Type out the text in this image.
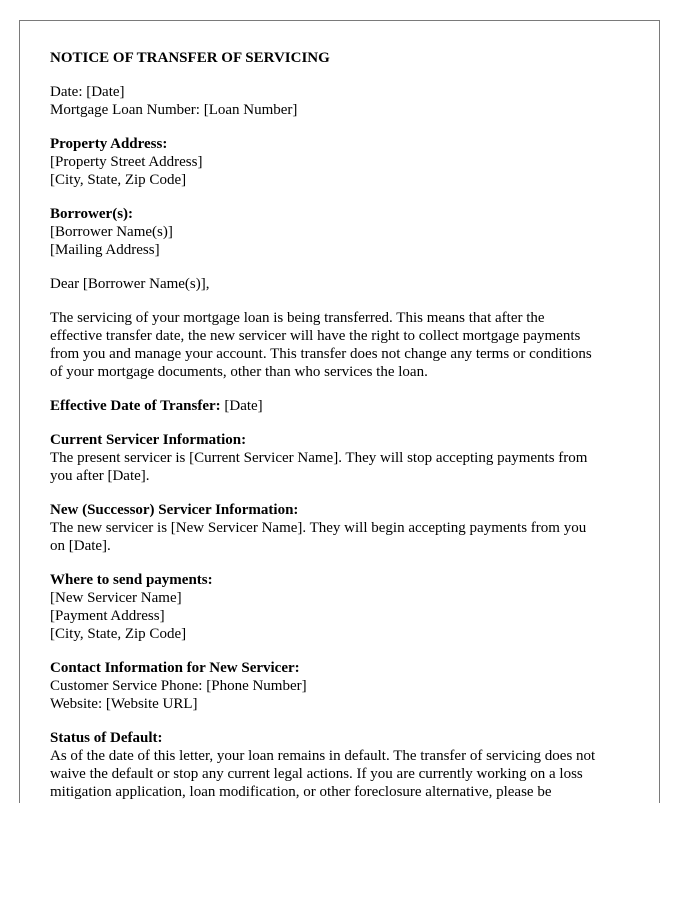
NOTICE OF TRANSFER OF SERVICING
Date: [Date]
Mortgage Loan Number: [Loan Number]
Property Address:
[Property Street Address]
[City, State, Zip Code]
Borrower(s):
[Borrower Name(s)]
[Mailing Address]
Dear [Borrower Name(s)],
The servicing of your mortgage loan is being transferred. This means that after the
effective transfer date, the new servicer will have the right to collect mortgage payments
from you and manage your account. This transfer does not change any terms or conditions
of your mortgage documents, other than who services the loan.
Effective Date of Transfer: [Date]
Current Servicer Information:
The present servicer is [Current Servicer Name]. They will stop accepting payments from
you after [Date].
New (Successor) Servicer Information:
The new servicer is [New Servicer Name]. They will begin accepting payments from you
on [Date].
Where to send payments:
[New Servicer Name]
[Payment Address]
[City, State, Zip Code]
Contact Information for New Servicer:
Customer Service Phone: [Phone Number]
Website: [Website URL]
Status of Default:
As of the date of this letter, your loan remains in default. The transfer of servicing does not
waive the default or stop any current legal actions. If you are currently working on a loss
mitigation application, loan modification, or other foreclosure alternative, please be
